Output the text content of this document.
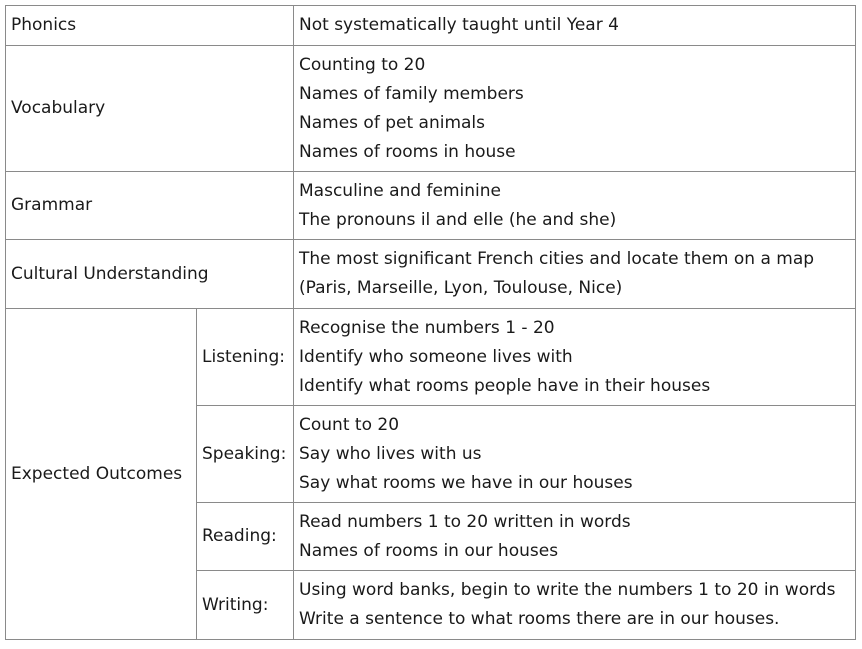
Phonics		Not systematically taught until Year 4

Vocabulary		Counting to 20
Names of family members
Names of pet animals
Names of rooms in house

Grammar		Masculine and feminine
The pronouns il and elle (he and she)

Cultural Understanding		The most significant French cities and locate them on a map
(Paris, Marseille, Lyon, Toulouse, Nice)

Expected Outcomes	Listening:	Recognise the numbers 1 - 20
Identify who someone lives with
Identify what rooms people have in their houses

	Speaking:	Count to 20
Say who lives with us
Say what rooms we have in our houses

	Reading:	Read numbers 1 to 20 written in words
Names of rooms in our houses

	Writing:	Using word banks, begin to write the numbers 1 to 20 in words
Write a sentence to what rooms there are in our houses.
